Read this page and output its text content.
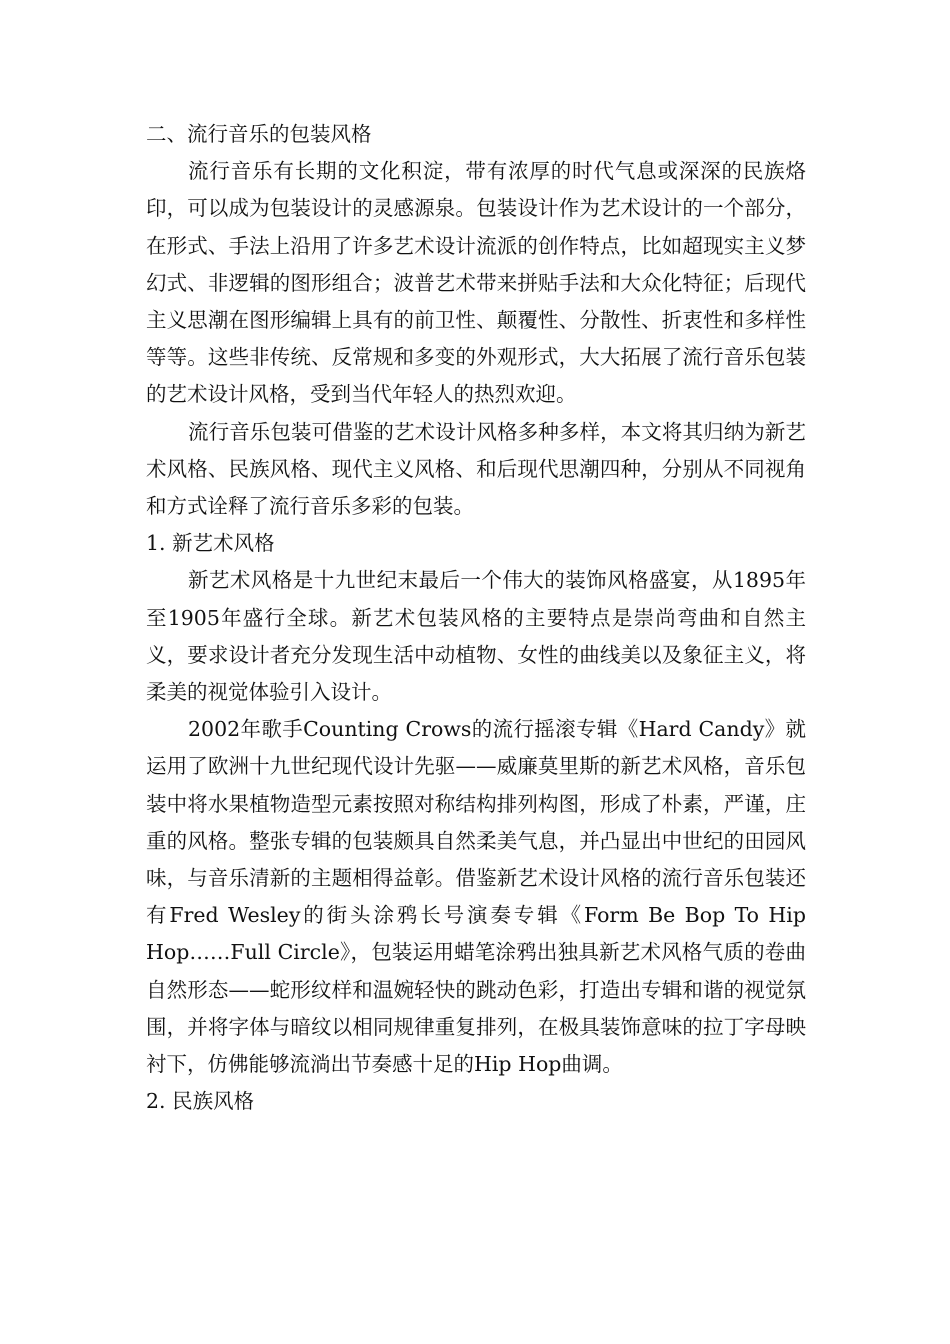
二、流行音乐的包装风格

流行音乐有长期的文化积淀，带有浓厚的时代气息或深深的民族烙印，可以成为包装设计的灵感源泉。包装设计作为艺术设计的一个部分，在形式、手法上沿用了许多艺术设计流派的创作特点，比如超现实主义梦幻式、非逻辑的图形组合；波普艺术带来拼贴手法和大众化特征；后现代主义思潮在图形编辑上具有的前卫性、颠覆性、分散性、折衷性和多样性等等。这些非传统、反常规和多变的外观形式，大大拓展了流行音乐包装的艺术设计风格，受到当代年轻人的热烈欢迎。

流行音乐包装可借鉴的艺术设计风格多种多样，本文将其归纳为新艺术风格、民族风格、现代主义风格、和后现代思潮四种，分别从不同视角和方式诠释了流行音乐多彩的包装。

1. 新艺术风格

新艺术风格是十九世纪末最后一个伟大的装饰风格盛宴，从1895年至1905年盛行全球。新艺术包装风格的主要特点是崇尚弯曲和自然主义，要求设计者充分发现生活中动植物、女性的曲线美以及象征主义，将柔美的视觉体验引入设计。

2002年歌手Counting Crows的流行摇滚专辑《Hard Candy》就运用了欧洲十九世纪现代设计先驱——威廉莫里斯的新艺术风格，音乐包装中将水果植物造型元素按照对称结构排列构图，形成了朴素，严谨，庄重的风格。整张专辑的包装颇具自然柔美气息，并凸显出中世纪的田园风味，与音乐清新的主题相得益彰。借鉴新艺术设计风格的流行音乐包装还有Fred Wesley的街头涂鸦长号演奏专辑《Form Be Bop To Hip Hop……Full Circle》，包装运用蜡笔涂鸦出独具新艺术风格气质的卷曲自然形态——蛇形纹样和温婉轻快的跳动色彩，打造出专辑和谐的视觉氛围，并将字体与暗纹以相同规律重复排列，在极具装饰意味的拉丁字母映衬下，仿佛能够流淌出节奏感十足的Hip Hop曲调。

2. 民族风格
